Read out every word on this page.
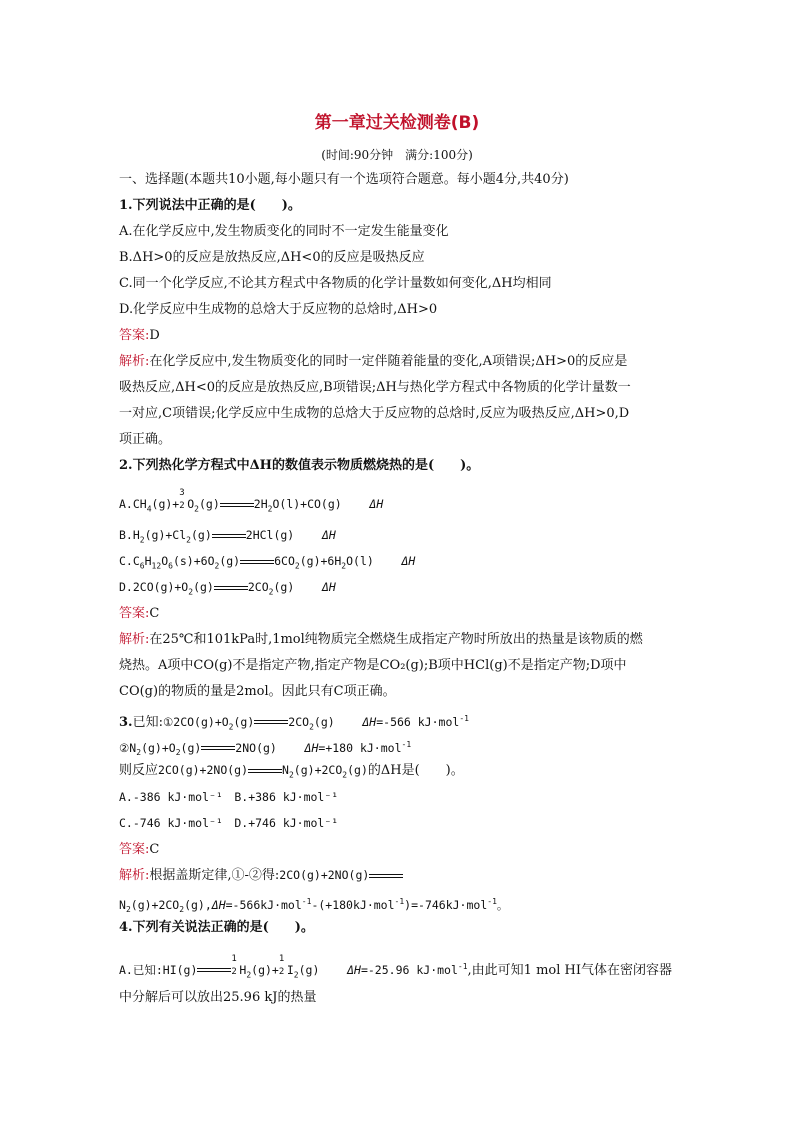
第一章过关检测卷(B)
(时间:90分钟　满分:100分)
一、选择题(本题共10小题,每小题只有一个选项符合题意。每小题4分,共40分)
1.下列说法中正确的是(　　)。
A.在化学反应中,发生物质变化的同时不一定发生能量变化
B.ΔH>0的反应是放热反应,ΔH<0的反应是吸热反应
C.同一个化学反应,不论其方程式中各物质的化学计量数如何变化,ΔH均相同
D.化学反应中生成物的总焓大于反应物的总焓时,ΔH>0
答案:D
解析:在化学反应中,发生物质变化的同时一定伴随着能量的变化,A项错误;ΔH>0的反应是
吸热反应,ΔH<0的反应是放热反应,B项错误;ΔH与热化学方程式中各物质的化学计量数一
一对应,C项错误;化学反应中生成物的总焓大于反应物的总焓时,反应为吸热反应,ΔH>0,D
项正确。
2.下列热化学方程式中ΔH的数值表示物质燃烧热的是(　　)。
$A.CH_4(g)+$
3
2 $O_2(g)$	$2H_2O(l)+CO(g)$    ΔH
$B.H_2(g)+Cl_2(g)$	2HCl(g)    ΔH
$C.C_6H_{12}O_6(s)+6O_2(g)$	$6CO_2(g)+6H_2O(l)$    ΔH
$D.2CO(g)+O_2(g)$	$2CO_2(g)$    ΔH
答案:C
解析:在25℃和101kPa时,1mol纯物质完全燃烧生成指定产物时所放出的热量是该物质的燃
烧热。A项中CO(g)不是指定产物,指定产物是CO₂(g);B项中HCl(g)不是指定产物;D项中
CO(g)的物质的量是2mol。因此只有C项正确。
3.已知$:①2CO(g)+O_2(g)$	$2CO_2(g)$    ΔH=-566 kJ·mol$^{-1}$
$②N_2(g)+O_2(g)$	2NO(g)    ΔH=+180 kJ·mol$^{-1}$
则反应2CO(g)+2NO(g)	$N_2(g)+2CO_2(g)$的ΔH是(　　)。
A.-386 kJ·mol⁻¹　B.+386 kJ·mol⁻¹
C.-746 kJ·mol⁻¹　D.+746 kJ·mol⁻¹
答案:C
解析:根据盖斯定律,①-②得:2CO(g)+2NO(g)
$N_2(g)+2CO_2(g),\Delta H=-566kJ\cdot mol^{-1}-(+180kJ\cdot mol^{-1})=-746kJ\cdot mol^{-1}$。
4.下列有关说法正确的是(　　)。
A.已知:HI(g)
1
2 $H_2(g)+$
1
2 $I_2(g)$    ΔH=-25.96 kJ·mol$^{-1}$,由此可知1 mol HI气体在密闭容器
中分解后可以放出25.96 kJ的热量
